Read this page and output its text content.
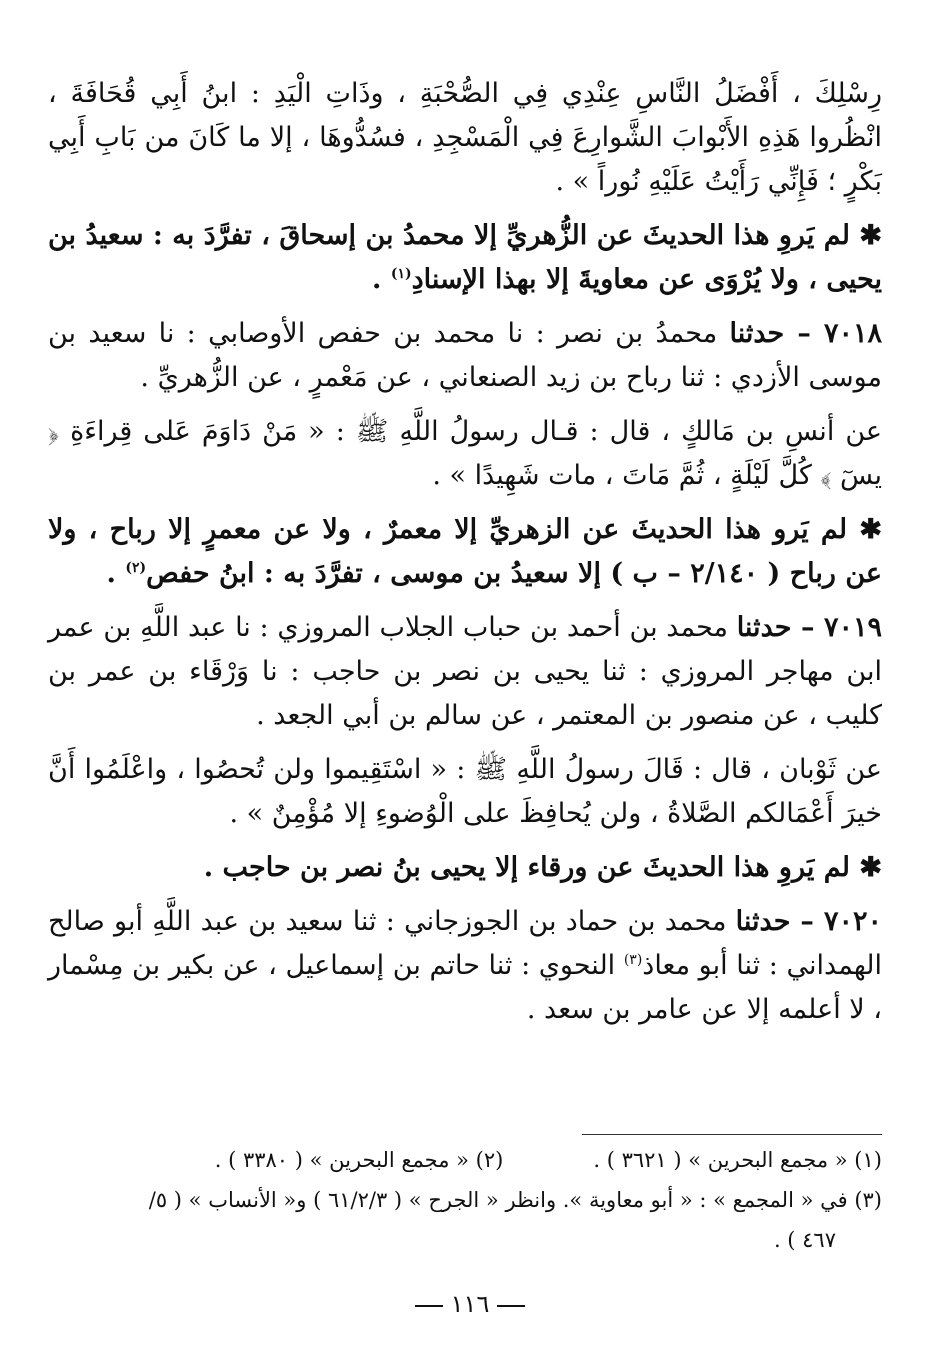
رِسْلِكَ ، أَفْضَلُ النَّاسِ عِنْدِي فِي الصُّحْبَةِ ، وذَاتِ الْيَدِ : ابنُ أَبِي قُحَافَةَ ، انْظُروا هَذِهِ الأَبْوابَ الشَّوارِعَ فِي الْمَسْجِدِ ، فسُدُّوهَا ، إلا ما كَانَ من بَابِ أَبِي بَكْرٍ ؛ فَإِنِّي رَأَيْتُ عَلَيْهِ نُوراً » .

✱ لم يَروِ هذا الحديثَ عن الزُّهريِّ إلا محمدُ بن إسحاقَ ، تفرَّدَ به : سعيدُ بن يحيى ، ولا يُرْوَى عن معاويةَ إلا بهذا الإسنادِ$^{(١)}$ .

٧٠١٨ – حدثنا محمدُ بن نصر : نا محمد بن حفص الأوصابي : نا سعيد بن موسى الأزدي : ثنا رباح بن زيد الصنعاني ، عن مَعْمرٍ ، عن الزُّهريِّ .

عن أنسِ بن مَالكٍ ، قال : قـال رسولُ اللَّهِ ﷺ : « مَنْ دَاوَمَ عَلى قِراءَةِ ﴿ يسٓ ﴾ كُلَّ لَيْلَةٍ ، ثُمَّ مَاتَ ، مات شَهِيدًا » .

✱ لم يَرو هذا الحديثَ عن الزهريِّ إلا معمرٌ ، ولا عن معمرٍ إلا رباح ، ولا عن رباح ( ٢/١٤٠ – ب ) إلا سعيدُ بن موسى ، تفرَّدَ به : ابنُ حفص$^{(٢)}$ .

٧٠١٩ – حدثنا محمد بن أحمد بن حباب الجلاب المروزي : نا عبد اللَّهِ بن عمر ابن مهاجر المروزي : ثنا يحيى بن نصر بن حاجب : نا وَرْقَاء بن عمر بن كليب ، عن منصور بن المعتمر ، عن سالم بن أبي الجعد .

عن ثَوْبان ، قال : قَالَ رسولُ اللَّهِ ﷺ : « اسْتَقِيموا ولن تُحصُوا ، واعْلَمُوا أَنَّ خيرَ أَعْمَالكم الصَّلاةُ ، ولن يُحافِظَ على الْوُضوءِ إلا مُؤْمِنٌ » .

✱ لم يَروِ هذا الحديثَ عن ورقاء إلا يحيى بنُ نصر بن حاجب .

٧٠٢٠ – حدثنا محمد بن حماد بن الجوزجاني : ثنا سعيد بن عبد اللَّهِ أبو صالح الهمداني : ثنا أبو معاذ$^{(٣)}$ النحوي : ثنا حاتم بن إسماعيل ، عن بكير بن مِسْمار ، لا أعلمه إلا عن عامر بن سعد .

(١) « مجمع البحرين » ( ٣٦٢١ ) .
(٢) « مجمع البحرين » ( ٣٣٨٠ ) .

(٣) في « المجمع » : « أبو معاوية ». وانظر « الجرح » ( ٦١/٢/٣ ) و« الأنساب » ( ٥/

٤٦٧ ) .

١١٦
